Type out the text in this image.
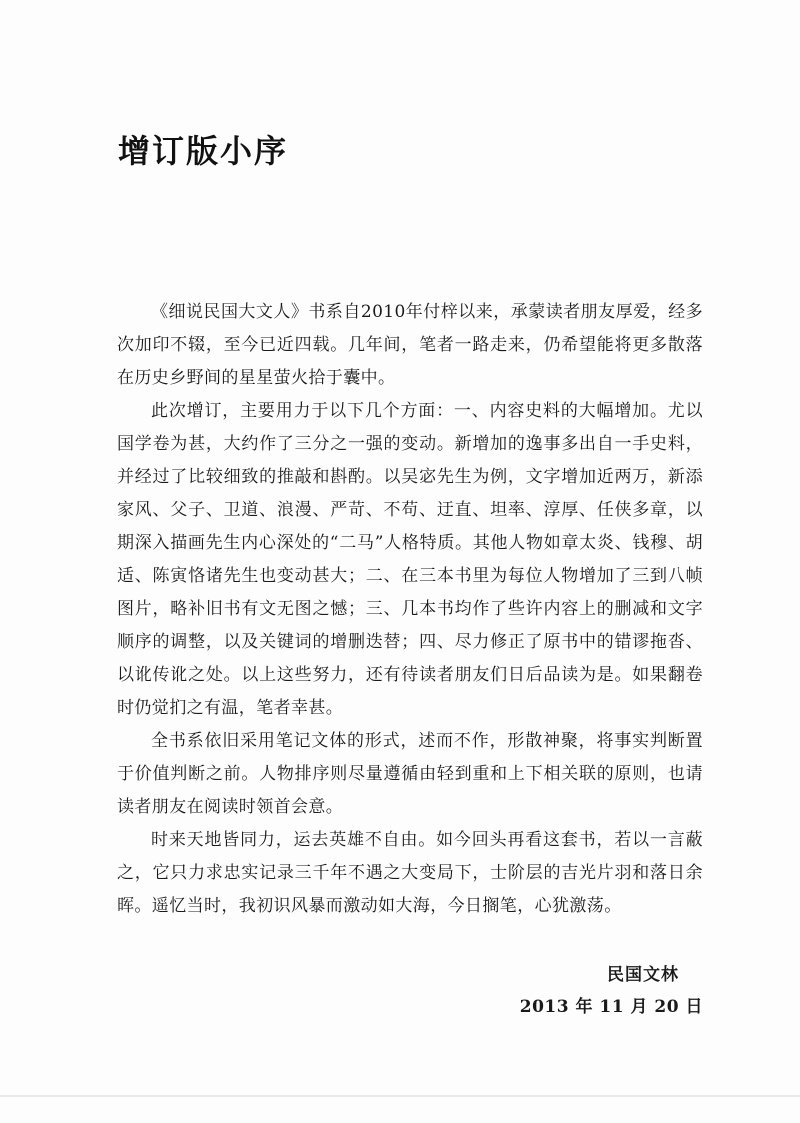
增订版小序

《细说民国大文人》书系自2010年付梓以来，承蒙读者朋友厚爱，经多次加印不辍，至今已近四载。几年间，笔者一路走来，仍希望能将更多散落在历史乡野间的星星萤火拾于囊中。

此次增订，主要用力于以下几个方面：一、内容史料的大幅增加。尤以国学卷为甚，大约作了三分之一强的变动。新增加的逸事多出自一手史料，并经过了比较细致的推敲和斟酌。以吴宓先生为例，文字增加近两万，新添家风、父子、卫道、浪漫、严苛、不苟、迂直、坦率、淳厚、任侠多章，以期深入描画先生内心深处的“二马”人格特质。其他人物如章太炎、钱穆、胡适、陈寅恪诸先生也变动甚大；二、在三本书里为每位人物增加了三到八帧图片，略补旧书有文无图之憾；三、几本书均作了些许内容上的删减和文字顺序的调整，以及关键词的增删迭替；四、尽力修正了原书中的错谬拖沓、以讹传讹之处。以上这些努力，还有待读者朋友们日后品读为是。如果翻卷时仍觉扪之有温，笔者幸甚。

全书系依旧采用笔记文体的形式，述而不作，形散神聚，将事实判断置于价值判断之前。人物排序则尽量遵循由轻到重和上下相关联的原则，也请读者朋友在阅读时领首会意。

时来天地皆同力，运去英雄不自由。如今回头再看这套书，若以一言蔽之，它只力求忠实记录三千年不遇之大变局下，士阶层的吉光片羽和落日余晖。遥忆当时，我初识风暴而激动如大海，今日搁笔，心犹激荡。

民国文林
2013 年 11 月 20 日
